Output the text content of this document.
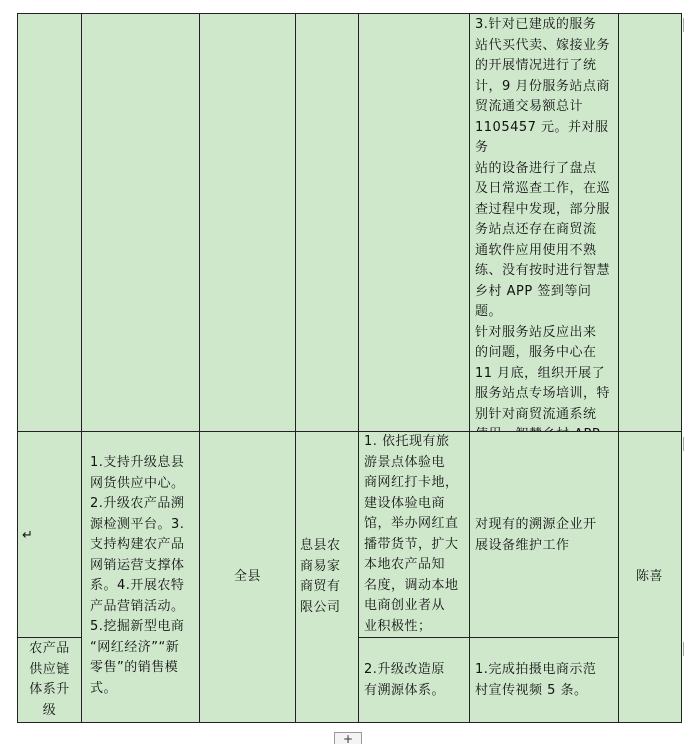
3.针对已建成的服务
站代买代卖、嫁接业务
的开展情况进行了统
计，9 月份服务站点商
贸流通交易额总计
1105457 元。并对服务
站的设备进行了盘点
及日常巡查工作，在巡
查过程中发现，部分服
务站点还存在商贸流
通软件应用使用不熟
练、没有按时进行智慧
乡村 APP 签到等问题。
针对服务站反应出来
的问题，服务中心在
11 月底，组织开展了
服务站点专场培训，特
别针对商贸流通系统

↵
农产品
供应链
体系升
级
1.支持升级息县
网货供应中心。
2.升级农产品溯
源检测平台。3.
支持构建农产品
网销运营支撑体
系。4.开展农特
产品营销活动。
5.挖掘新型电商
“网红经济”“新
零售”的销售模
式。
全县
息县农
商易家
商贸有
限公司
1. 依托现有旅
游景点体验电
商网红打卡地，
建设体验电商
馆，举办网红直
播带货节，扩大
本地农产品知
名度，调动本地
电商创业者从
业积极性；
2.升级改造原
有溯源体系。
对现有的溯源企业开
展设备维护工作
1.完成拍摄电商示范
村宣传视频 5 条。
陈喜
+
